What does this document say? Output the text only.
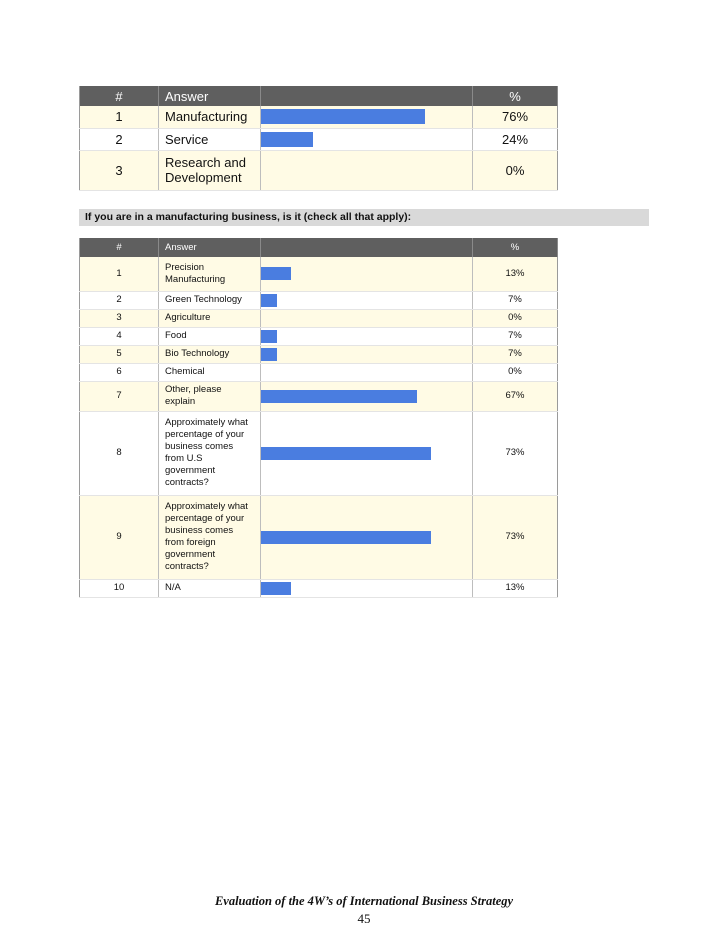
#	Answer		%
1	Manufacturing		76%
2	Service		24%
3	Research and Development		0%
If you are in a manufacturing business, is it (check all that apply):
#	Answer		%
1	Precision Manufacturing		13%
2	Green Technology		7%
3	Agriculture		0%
4	Food		7%
5	Bio Technology		7%
6	Chemical		0%
7	Other, please explain		67%
8	Approximately what percentage of your business comes from U.S government contracts?		73%
9	Approximately what percentage of your business comes from foreign government contracts?		73%
10	N/A		13%
Evaluation of the 4W’s of International Business Strategy
45
